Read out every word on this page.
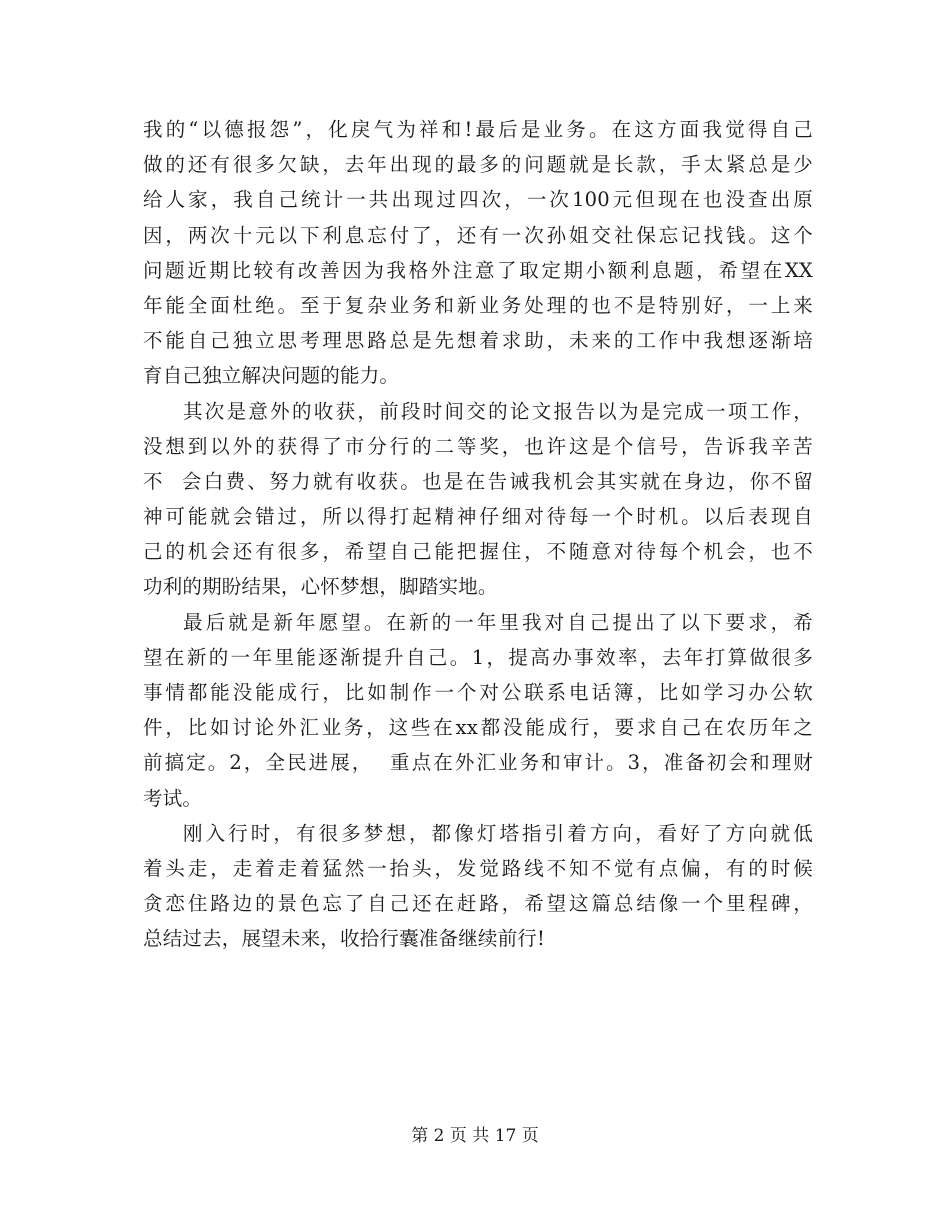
我的“以德报怨”，化戾气为祥和!最后是业务。在这方面我觉得自己
做的还有很多欠缺，去年出现的最多的问题就是长款，手太紧总是少
给人家，我自己统计一共出现过四次，一次100元但现在也没查出原
因，两次十元以下利息忘付了，还有一次孙姐交社保忘记找钱。这个
问题近期比较有改善因为我格外注意了取定期小额利息题，希望在XX
年能全面杜绝。至于复杂业务和新业务处理的也不是特别好，一上来
不能自己独立思考理思路总是先想着求助，未来的工作中我想逐渐培
育自己独立解决问题的能力。
其次是意外的收获，前段时间交的论文报告以为是完成一项工作，
没想到以外的获得了市分行的二等奖，也许这是个信号，告诉我辛苦
不  会白费、努力就有收获。也是在告诫我机会其实就在身边，你不留
神可能就会错过，所以得打起精神仔细对待每一个时机。以后表现自
己的机会还有很多，希望自己能把握住，不随意对待每个机会，也不
功利的期盼结果，心怀梦想，脚踏实地。
最后就是新年愿望。在新的一年里我对自己提出了以下要求，希
望在新的一年里能逐渐提升自己。1，提高办事效率，去年打算做很多
事情都能没能成行，比如制作一个对公联系电话簿，比如学习办公软
件，比如讨论外汇业务，这些在xx都没能成行，要求自己在农历年之
前搞定。2，全民进展，  重点在外汇业务和审计。3，准备初会和理财
考试。
刚入行时，有很多梦想，都像灯塔指引着方向，看好了方向就低
着头走，走着走着猛然一抬头，发觉路线不知不觉有点偏，有的时候
贪恋住路边的景色忘了自己还在赶路，希望这篇总结像一个里程碑，
总结过去，展望未来，收拾行囊准备继续前行!
第 2 页 共 17 页
